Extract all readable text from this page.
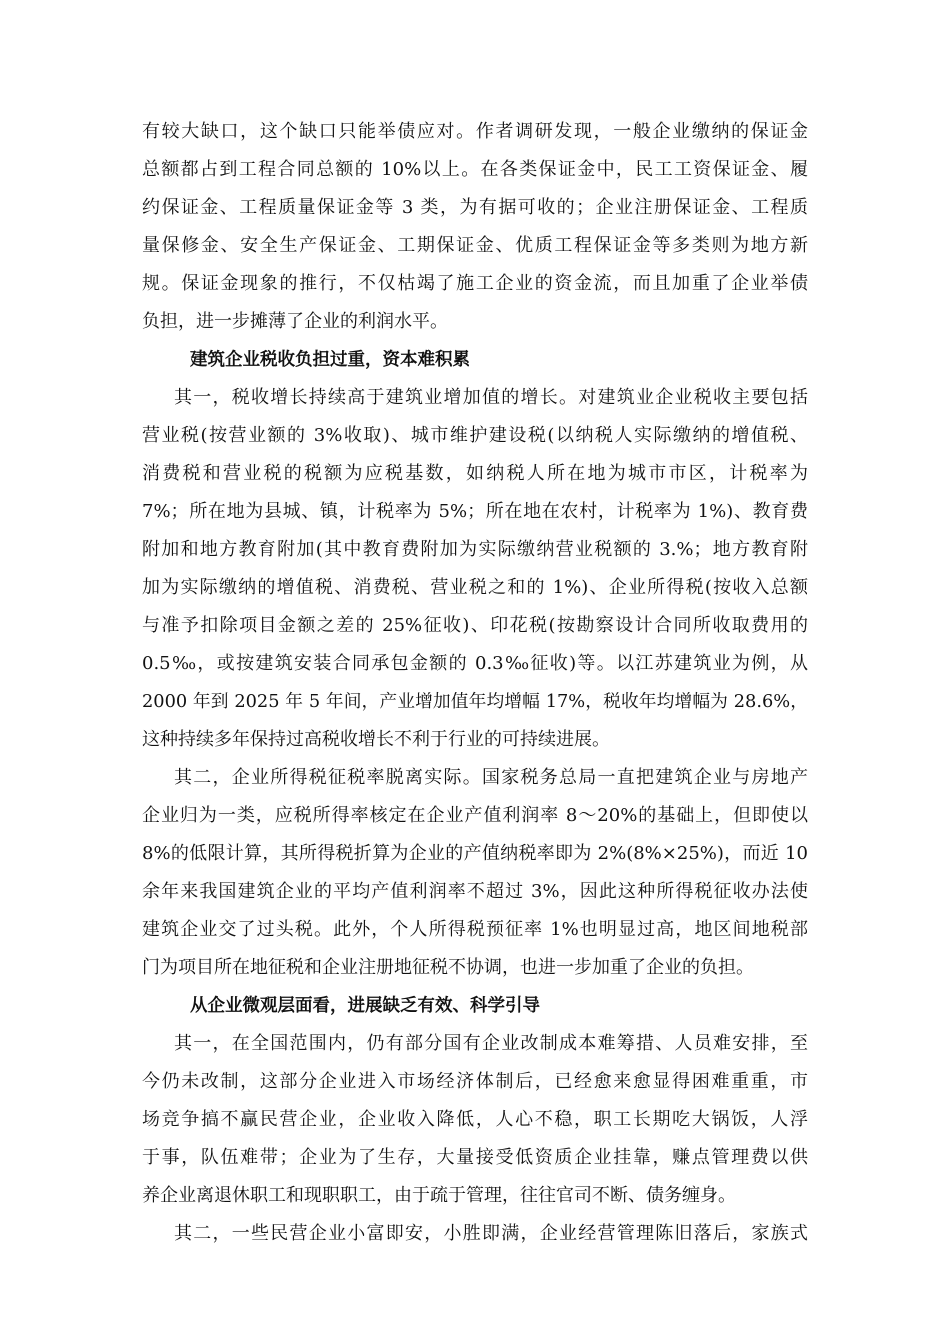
有较大缺口，这个缺口只能举债应对。作者调研发现，一般企业缴纳的保证金
总额都占到工程合同总额的 10%以上。在各类保证金中，民工工资保证金、履
约保证金、工程质量保证金等 3 类，为有据可收的；企业注册保证金、工程质
量保修金、安全生产保证金、工期保证金、优质工程保证金等多类则为地方新
规。保证金现象的推行，不仅枯竭了施工企业的资金流，而且加重了企业举债
负担，进一步摊薄了企业的利润水平。
建筑企业税收负担过重，资本难积累
其一，税收增长持续高于建筑业增加值的增长。对建筑业企业税收主要包括
营业税(按营业额的 3%收取)、城市维护建设税(以纳税人实际缴纳的增值税、
消费税和营业税的税额为应税基数，如纳税人所在地为城市市区，计税率为
7%；所在地为县城、镇，计税率为 5%；所在地在农村，计税率为 1%)、教育费
附加和地方教育附加(其中教育费附加为实际缴纳营业税额的 3.%；地方教育附
加为实际缴纳的增值税、消费税、营业税之和的 1%)、企业所得税(按收入总额
与准予扣除项目金额之差的 25%征收)、印花税(按勘察设计合同所收取费用的
0.5‰，或按建筑安装合同承包金额的 0.3‰征收)等。以江苏建筑业为例，从
2000 年到 2025 年 5 年间，产业增加值年均增幅 17%，税收年均增幅为 28.6%，
这种持续多年保持过高税收增长不利于行业的可持续进展。
其二，企业所得税征税率脱离实际。国家税务总局一直把建筑企业与房地产
企业归为一类，应税所得率核定在企业产值利润率 8～20%的基础上，但即使以
8%的低限计算，其所得税折算为企业的产值纳税率即为 2%(8%×25%)，而近 10
余年来我国建筑企业的平均产值利润率不超过 3%，因此这种所得税征收办法使
建筑企业交了过头税。此外，个人所得税预征率 1%也明显过高，地区间地税部
门为项目所在地征税和企业注册地征税不协调，也进一步加重了企业的负担。
从企业微观层面看，进展缺乏有效、科学引导
其一，在全国范围内，仍有部分国有企业改制成本难筹措、人员难安排，至
今仍未改制，这部分企业进入市场经济体制后，已经愈来愈显得困难重重，市
场竞争搞不赢民营企业，企业收入降低，人心不稳，职工长期吃大锅饭，人浮
于事，队伍难带；企业为了生存，大量接受低资质企业挂靠，赚点管理费以供
养企业离退休职工和现职职工，由于疏于管理，往往官司不断、债务缠身。
其二，一些民营企业小富即安，小胜即满，企业经营管理陈旧落后，家族式
